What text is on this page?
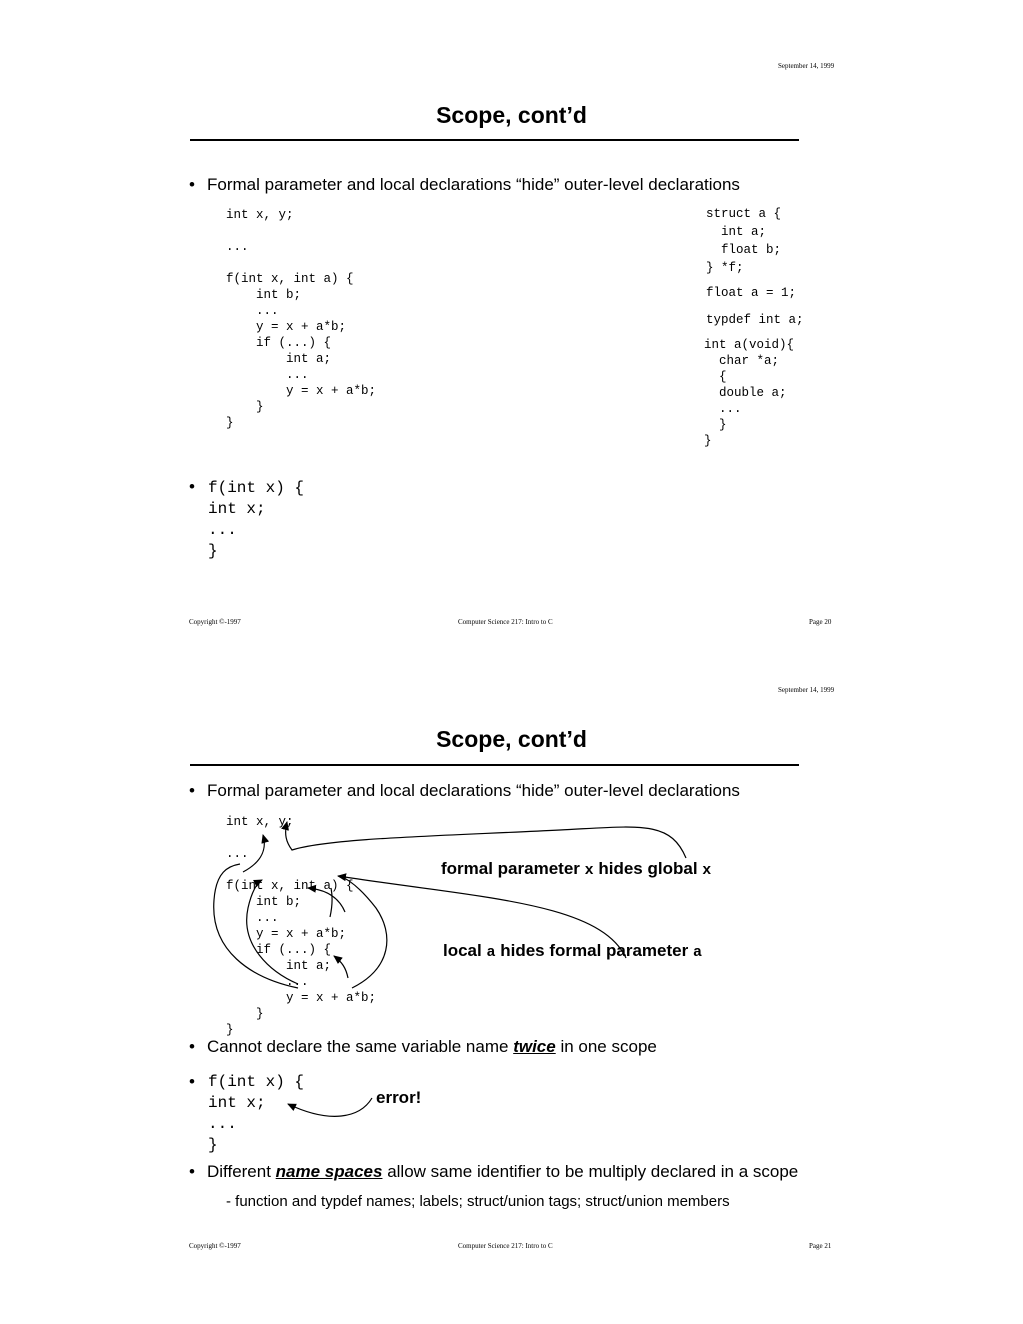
September 14, 1999
Scope, cont’d
• Formal parameter and local declarations “hide” outer-level declarations
int x, y;

...

f(int x, int a) {
int b;
...
y = x + a*b;
if (...) {
int a;
...
y = x + a*b;
}
}
struct a {
int a;
float b;
} *f;
float a = 1;
typdef int a;
int a(void){
char *a;
{
double a;
...
}
}
• f(int x) {
int x;
...
}
Copyright ©-1997	Computer Science 217: Intro to C	Page 20
September 14, 1999
Scope, cont’d
• Formal parameter and local declarations “hide” outer-level declarations
int x, y;

...

f(int x, int a) {
int b;
...
y = x + a*b;
if (...) {
int a;
...
y = x + a*b;
}
}
formal parameter x hides global x
local a hides formal parameter a
• Cannot declare the same variable name twice in one scope
• f(int x) {
int x;
...
}
error!
• Different name spaces allow same identifier to be multiply declared in a scope
- function and typdef names; labels; struct/union tags; struct/union members
Copyright ©-1997	Computer Science 217: Intro to C	Page 21
